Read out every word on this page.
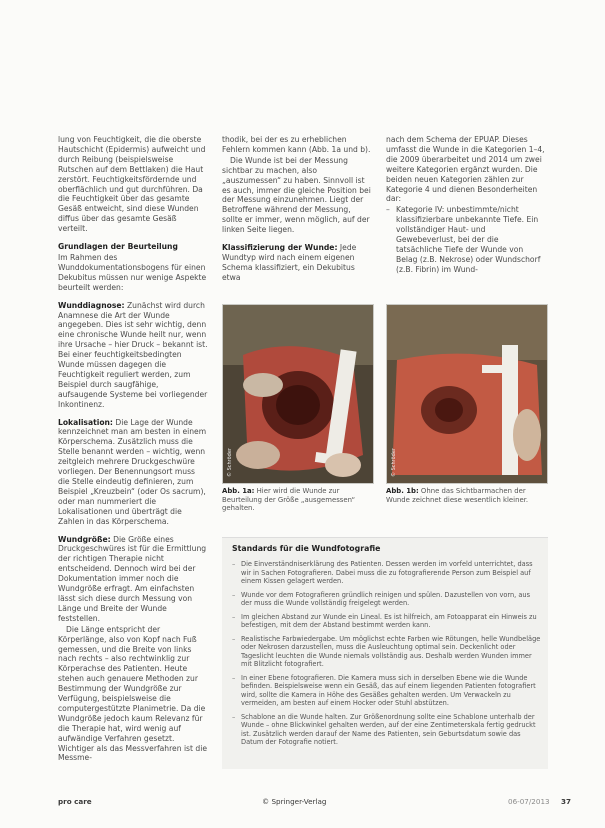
lung von Feuchtigkeit, die die oberste Hautschicht (Epidermis) aufweicht und durch Reibung (beispielsweise Rutschen auf dem Bettlaken) die Haut zerstört. Feuchtigkeitsfördernde und oberflächlich und gut durchführen. Da die Feuchtigkeit über das gesamte Gesäß entweicht, sind diese Wunden diffus über das gesamte Gesäß verteilt.

Grundlagen der Beurteilung

Im Rahmen des Wunddokumentationsbogens für einen Dekubitus müssen nur wenige Aspekte beurteilt werden:

Wunddiagnose: Zunächst wird durch Anamnese die Art der Wunde angegeben. Dies ist sehr wichtig, denn eine chronische Wunde heilt nur, wenn ihre Ursache – hier Druck – bekannt ist. Bei einer feuchtigkeitsbedingten Wunde müssen dagegen die Feuchtigkeit reguliert werden, zum Beispiel durch saugfähige, aufsaugende Systeme bei vorliegender Inkontinenz.

Lokalisation: Die Lage der Wunde kennzeichnet man am besten in einem Körperschema. Zusätzlich muss die Stelle benannt werden – wichtig, wenn zeitgleich mehrere Druckgeschwüre vorliegen. Der Benennungsort muss die Stelle eindeutig definieren, zum Beispiel „Kreuzbein“ (oder Os sacrum), oder man nummeriert die Lokalisationen und überträgt die Zahlen in das Körperschema.

Wundgröße: Die Größe eines Druckgeschwüres ist für die Ermittlung der richtigen Therapie nicht entscheidend. Dennoch wird bei der Dokumentation immer noch die Wundgröße erfragt. Am einfachsten lässt sich diese durch Messung von Länge und Breite der Wunde feststellen.

Die Länge entspricht der Körperlänge, also von Kopf nach Fuß gemessen, und die Breite von links nach rechts – also rechtwinklig zur Körperachse des Patienten. Heute stehen auch genauere Methoden zur Bestimmung der Wundgröße zur Verfügung, beispielsweise die computergestützte Planimetrie. Da die Wundgröße jedoch kaum Relevanz für die Therapie hat, wird wenig auf aufwändige Verfahren gesetzt. Wichtiger als das Messverfahren ist die Messme-

thodik, bei der es zu erheblichen Fehlern kommen kann (Abb. 1a und b).

Die Wunde ist bei der Messung sichtbar zu machen, also „auszumessen“ zu haben. Sinnvoll ist es auch, immer die gleiche Position bei der Messung einzunehmen. Liegt der Betroffene während der Messung, sollte er immer, wenn möglich, auf der linken Seite liegen.

Klassifizierung der Wunde: Jede Wundtyp wird nach einem eigenen Schema klassifiziert, ein Dekubitus etwa

nach dem Schema der EPUAP. Dieses umfasst die Wunde in die Kategorien 1–4, die 2009 überarbeitet und 2014 um zwei weitere Kategorien ergänzt wurden. Die beiden neuen Kategorien zählen zur Kategorie 4 und dienen Besonderheiten dar:

– Kategorie IV: unbestimmte/nicht klassifizierbare unbekannte Tiefe. Ein vollständiger Haut- und Gewebeverlust, bei der die tatsächliche Tiefe der Wunde von Belag (z.B. Nekrose) oder Wundschorf (z.B. Fibrin) im Wund-

© Schröder
Abb. 1a: Hier wird die Wunde zur Beurteilung der Größe „ausgemessen“ gehalten.
© Schröder
Abb. 1b: Ohne das Sichtbarmachen der Wunde zeichnet diese wesentlich kleiner.
Standards für die Wundfotografie
– Die Einverständniserklärung des Patienten. Dessen werden im vorfeld unterrichtet, dass wir in Sachen Fotografieren. Dabei muss die zu fotografierende Person zum Beispiel auf einem Kissen gelagert werden.
– Wunde vor dem Fotografieren gründlich reinigen und spülen. Dazustellen von vorn, aus der muss die Wunde vollständig freigelegt werden.
– Im gleichen Abstand zur Wunde ein Lineal. Es ist hilfreich, am Fotoapparat ein Hinweis zu befestigen, mit dem der Abstand bestimmt werden kann.
– Realistische Farbwiedergabe. Um möglichst echte Farben wie Rötungen, helle Wundbeläge oder Nekrosen darzustellen, muss die Ausleuchtung optimal sein. Deckenlicht oder Tageslicht leuchten die Wunde niemals vollständig aus. Deshalb werden Wunden immer mit Blitzlicht fotografiert.
– In einer Ebene fotografieren. Die Kamera muss sich in derselben Ebene wie die Wunde befinden. Beispielsweise wenn ein Gesäß, das auf einem liegenden Patienten fotografiert wird, sollte die Kamera in Höhe des Gesäßes gehalten werden. Um Verwackeln zu vermeiden, am besten auf einem Hocker oder Stuhl abstützen.
– Schablone an die Wunde halten. Zur Größenordnung sollte eine Schablone unterhalb der Wunde – ohne Blickwinkel gehalten werden, auf der eine Zentimeterskala fertig gedruckt ist. Zusätzlich werden darauf der Name des Patienten, sein Geburtsdatum sowie das Datum der Fotografie notiert.
pro care	© Springer-Verlag	06-07/2013 37
